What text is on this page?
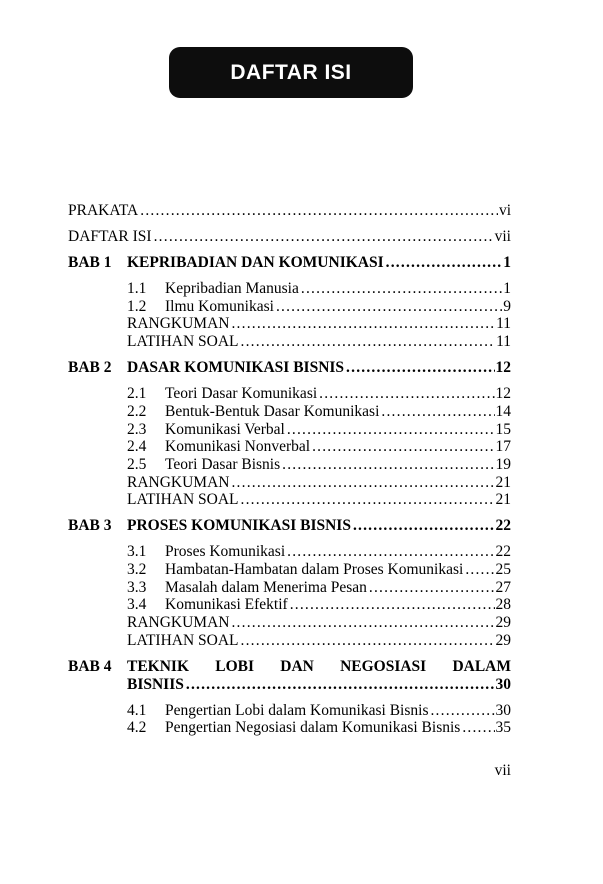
DAFTAR ISI
PRAKATA .....	vi
DAFTAR ISI .....	vii
BAB 1	KEPRIBADIAN DAN KOMUNIKASI .....	1
1.1	Kepribadian Manusia .....	1
1.2	Ilmu Komunikasi .....	9
RANGKUMAN .....	11
LATIHAN SOAL .....	11
BAB 2	DASAR KOMUNIKASI BISNIS .....	12
2.1	Teori Dasar Komunikasi .....	12
2.2	Bentuk-Bentuk Dasar Komunikasi .....	14
2.3	Komunikasi Verbal .....	15
2.4	Komunikasi Nonverbal .....	17
2.5	Teori Dasar Bisnis .....	19
RANGKUMAN .....	21
LATIHAN SOAL .....	21
BAB 3	PROSES KOMUNIKASI BISNIS .....	22
3.1	Proses Komunikasi .....	22
3.2	Hambatan-Hambatan dalam Proses Komunikasi ..... 25
3.3	Masalah dalam Menerima Pesan .....	27
3.4	Komunikasi Efektif .....	28
RANGKUMAN .....	29
LATIHAN SOAL .....	29
BAB 4	TEKNIK LOBI DAN NEGOSIASI DALAM
BISNIIS .....	30
4.1	Pengertian Lobi dalam Komunikasi Bisnis .....	30
4.2	Pengertian Negosiasi dalam Komunikasi Bisnis ..... 35
vii
